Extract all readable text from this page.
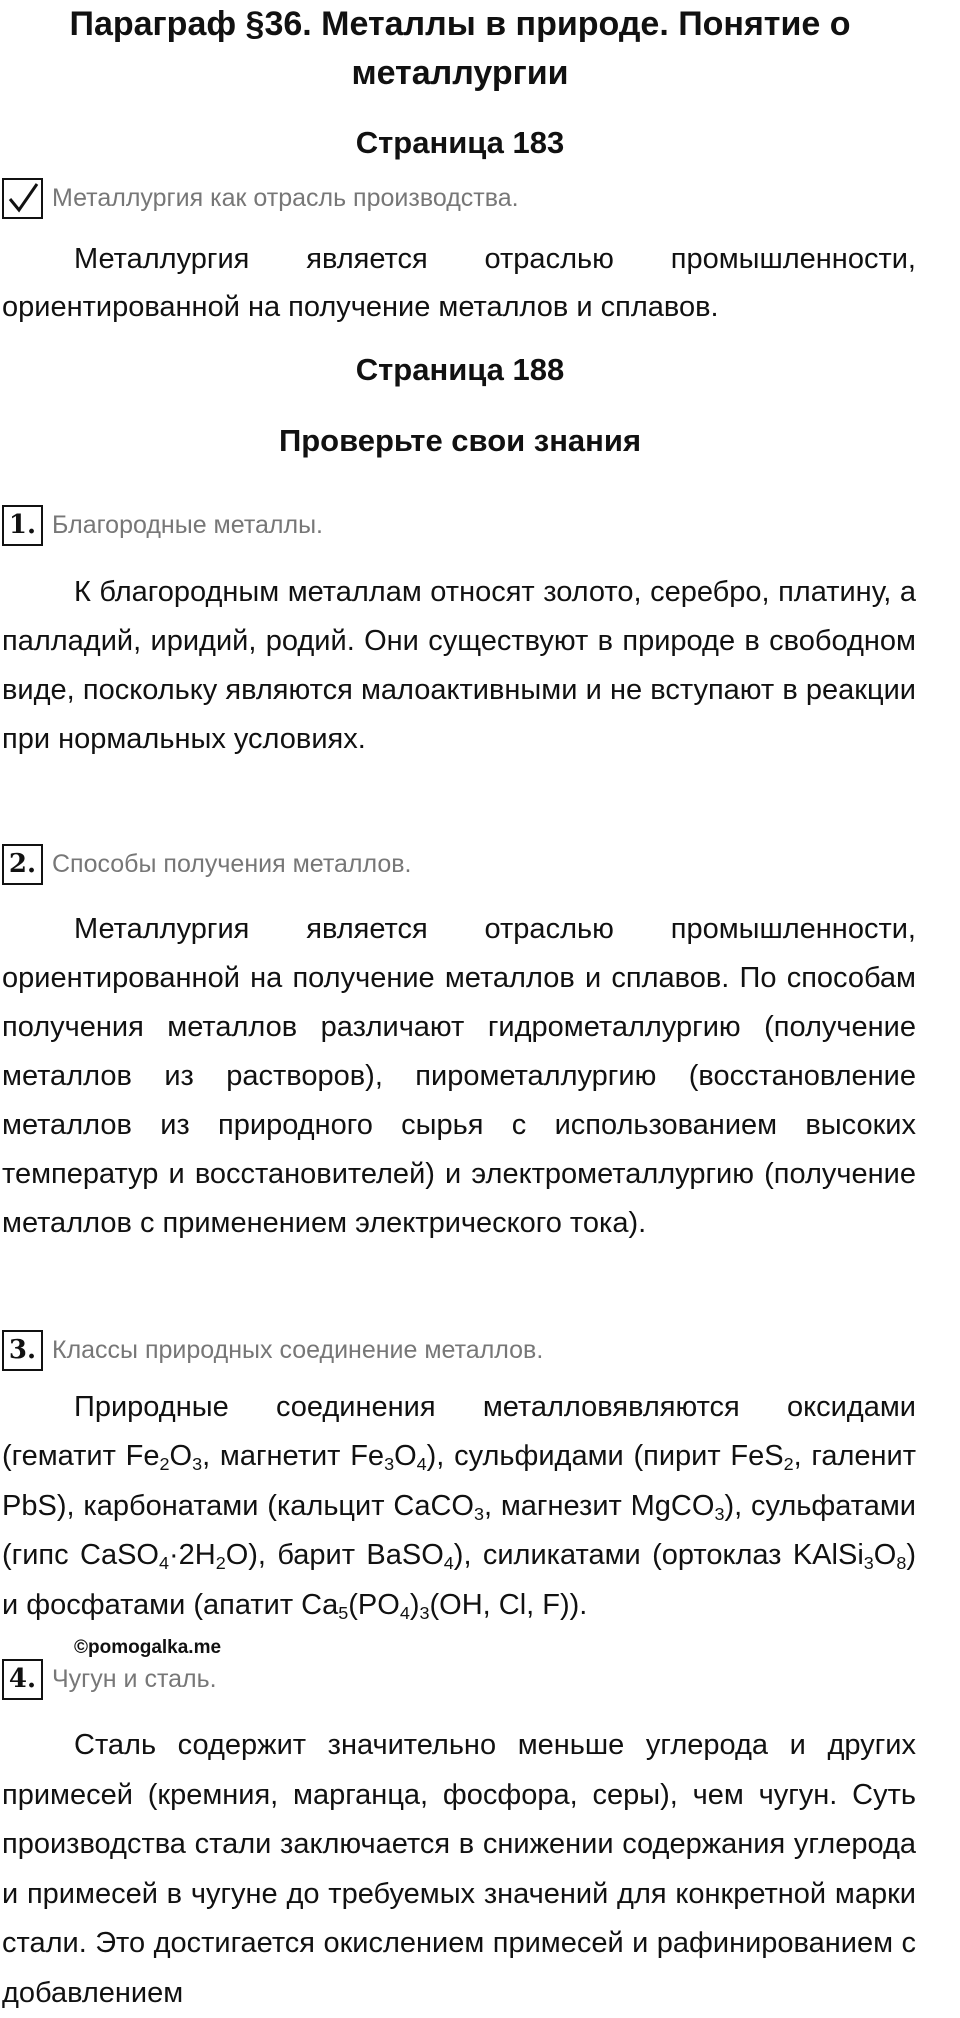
Параграф §36. Металлы в природе. Понятие о металлургии
Страница 183
Металлургия как отрасль производства.

Металлургия является отраслью промышленности, ориентированной на получение металлов и сплавов.

Страница 188
Проверьте свои знания
1. Благородные металлы.

К благородным металлам относят золото, серебро, платину, а палладий, иридий, родий. Они существуют в природе в свободном виде, поскольку являются малоактивными и не вступают в реакции при нормальных условиях.

2. Способы получения металлов.

Металлургия является отраслью промышленности, ориентированной на получение металлов и сплавов. По способам получения металлов различают гидрометаллургию (получение металлов из растворов), пирометаллургию (восстановление металлов из природного сырья с использованием высоких температур и восстановителей) и электрометаллургию (получение металлов с применением электрического тока).

3. Классы природных соединение металлов.

Природные соединения металловявляются оксидами (гематит $Fe_2O_3$, магнетит $Fe_3O_4$), сульфидами (пирит FeS$_2$, галенит PbS), карбонатами (кальцит CaCO$_3$, магнезит MgCO$_3$), сульфатами (гипс $CaSO_4\cdot 2H_2O$), барит BaSO$_4$), силикатами (ортоклаз $KAlSi_3O_8$) и фосфатами (апатит $Ca_5(PO_4)_3(OH$, Cl, F)).

©pomogalka.me
4. Чугун и сталь.

Сталь содержит значительно меньше углерода и других примесей (кремния, марганца, фосфора, серы), чем чугун. Суть производства стали заключается в снижении содержания углерода и примесей в чугуне до требуемых значений для конкретной марки стали. Это достигается окислением примесей и рафинированием с добавлением
